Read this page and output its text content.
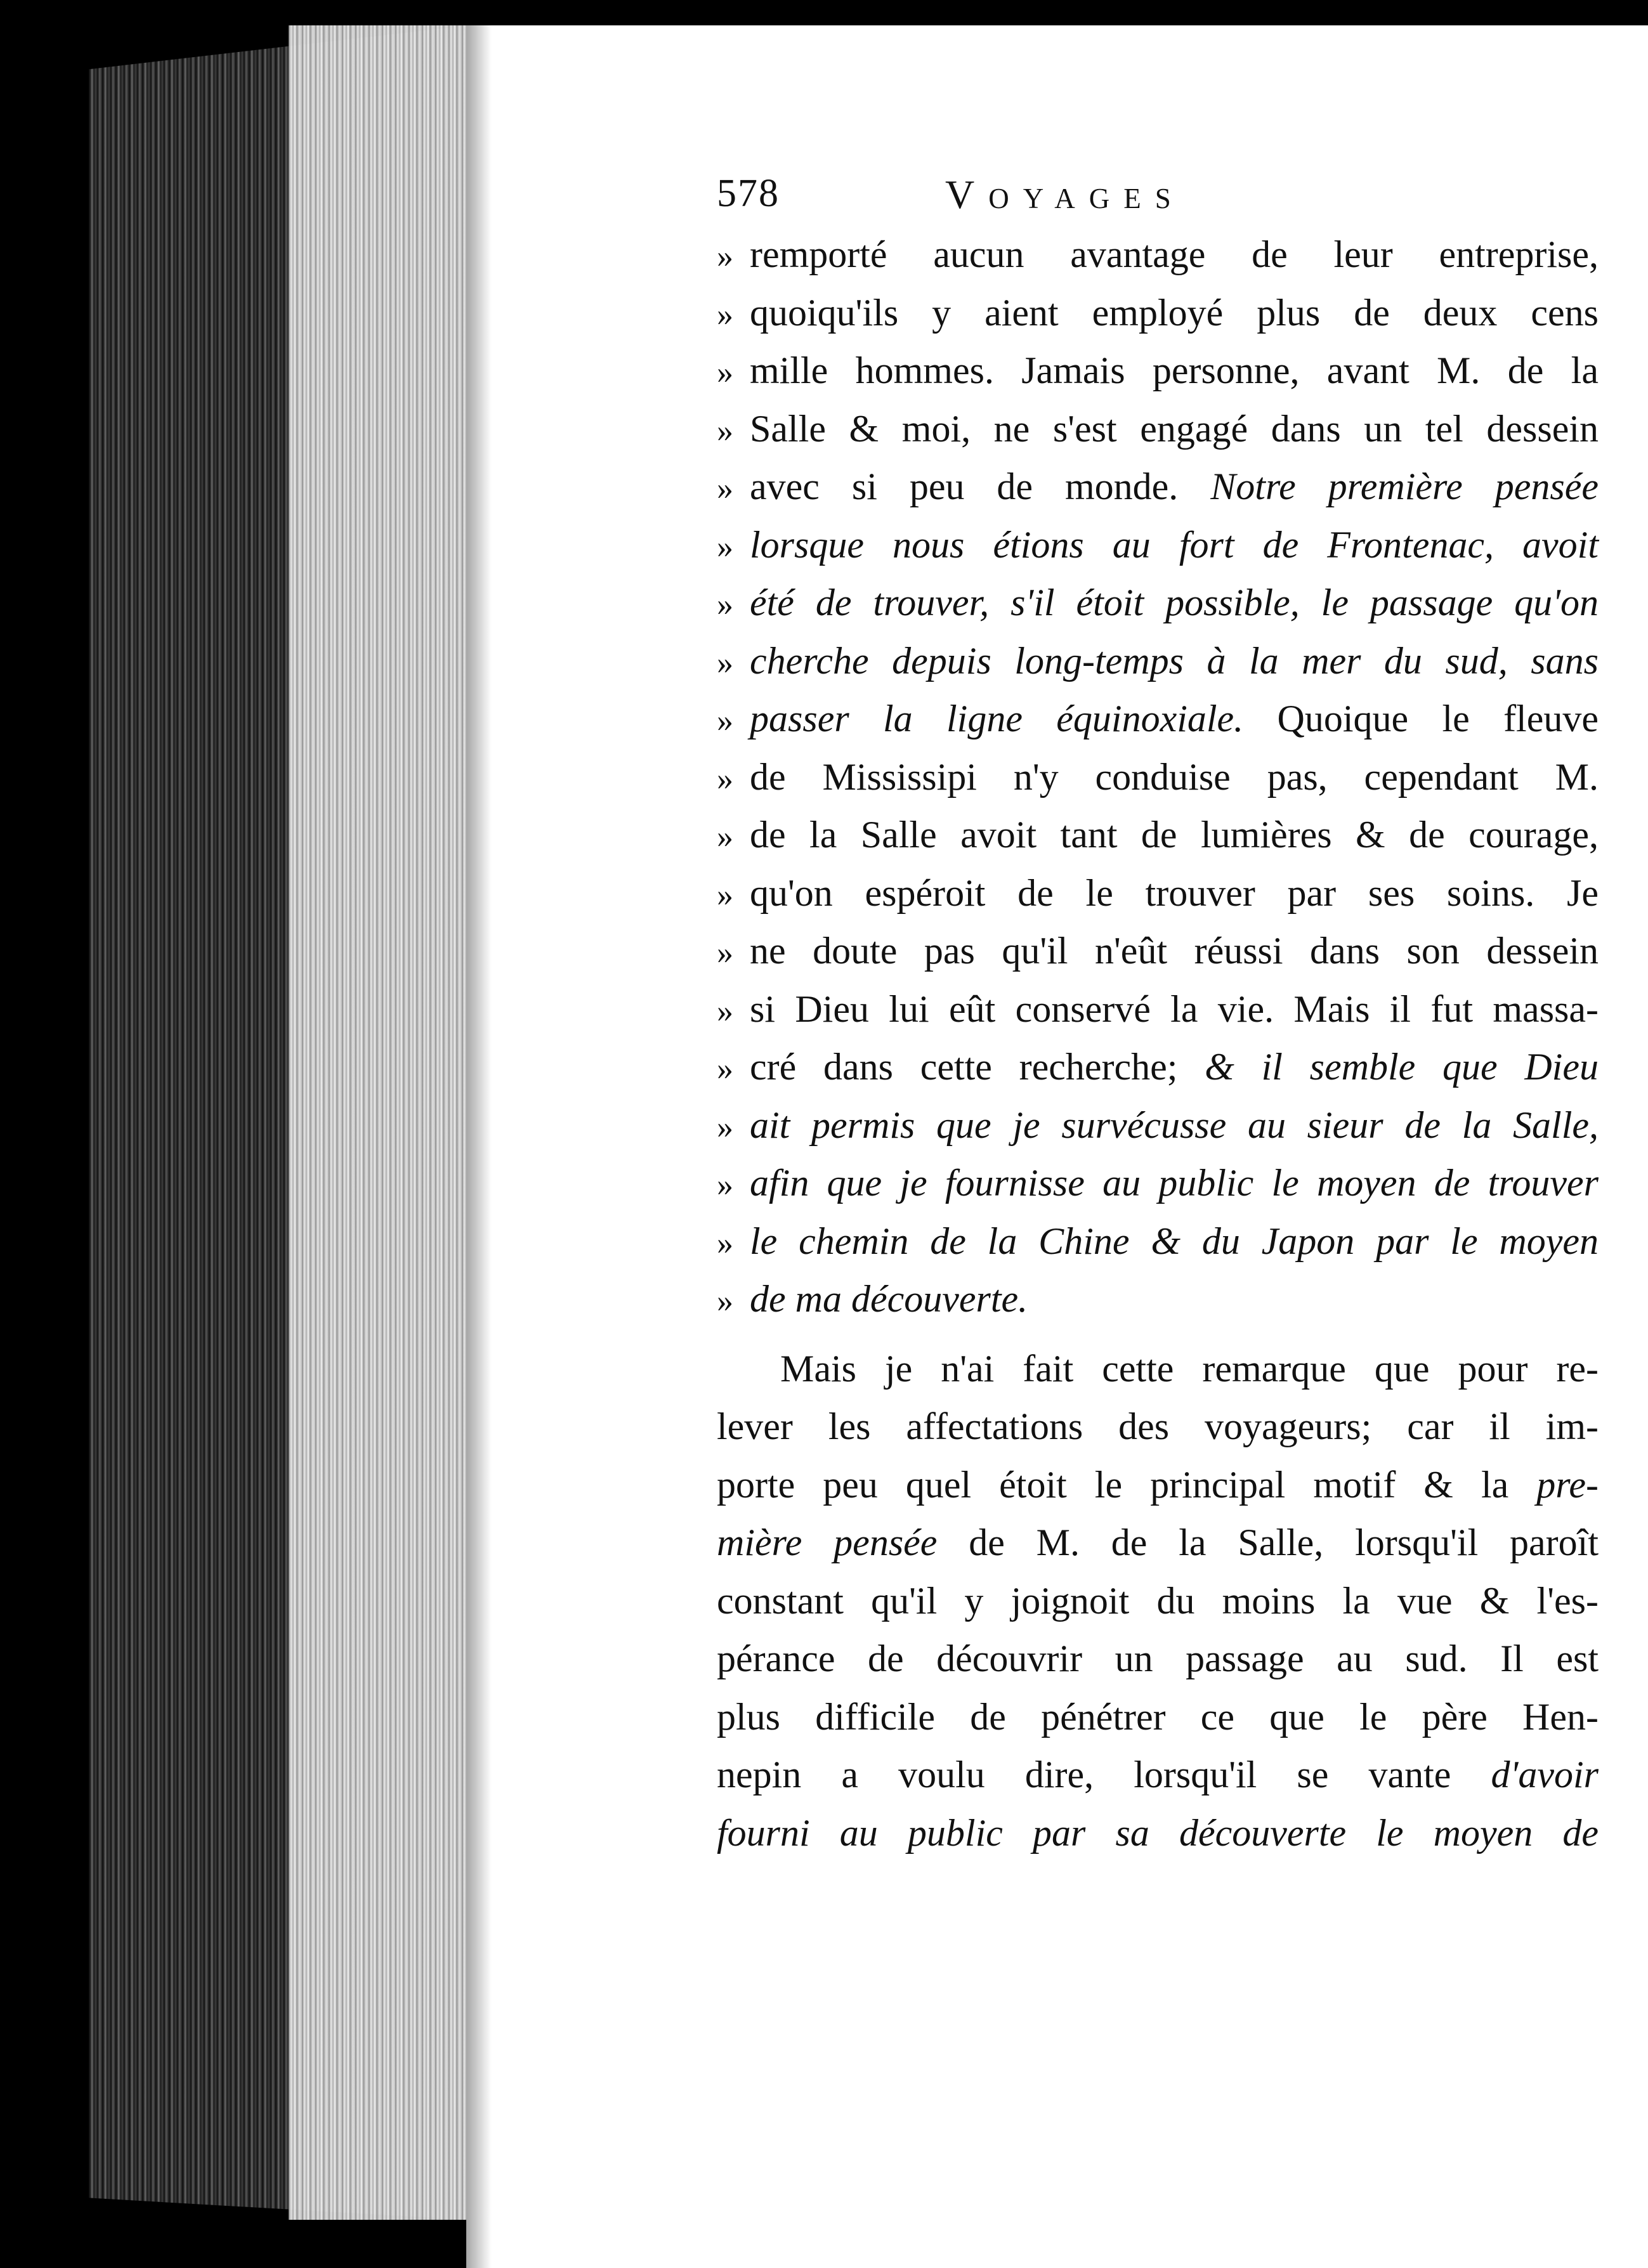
578	Voyages
» remporté aucun avantage de leur entreprise,
» quoiqu'ils y aient employé plus de deux cens
» mille hommes. Jamais personne, avant M. de la
» Salle & moi, ne s'est engagé dans un tel dessein
» avec si peu de monde. Notre première pensée
» lorsque nous étions au fort de Frontenac, avoit
» été de trouver, s'il étoit possible, le passage qu'on
» cherche depuis long-temps à la mer du sud, sans
» passer la ligne équinoxiale. Quoique le fleuve
» de Mississipi n'y conduise pas, cependant M.
» de la Salle avoit tant de lumières & de courage,
» qu'on espéroit de le trouver par ses soins. Je
» ne doute pas qu'il n'eût réussi dans son dessein
» si Dieu lui eût conservé la vie. Mais il fut massa-
» cré dans cette recherche; & il semble que Dieu
» ait permis que je survécusse au sieur de la Salle,
» afin que je fournisse au public le moyen de trouver
» le chemin de la Chine & du Japon par le moyen
» de ma découverte.
Mais je n'ai fait cette remarque que pour re-
lever les affectations des voyageurs; car il im-
porte peu quel étoit le principal motif & la pre-
mière pensée de M. de la Salle, lorsqu'il paroît
constant qu'il y joignoit du moins la vue & l'es-
pérance de découvrir un passage au sud. Il est
plus difficile de pénétrer ce que le père Hen-
nepin a voulu dire, lorsqu'il se vante d'avoir
fourni au public par sa découverte le moyen de
